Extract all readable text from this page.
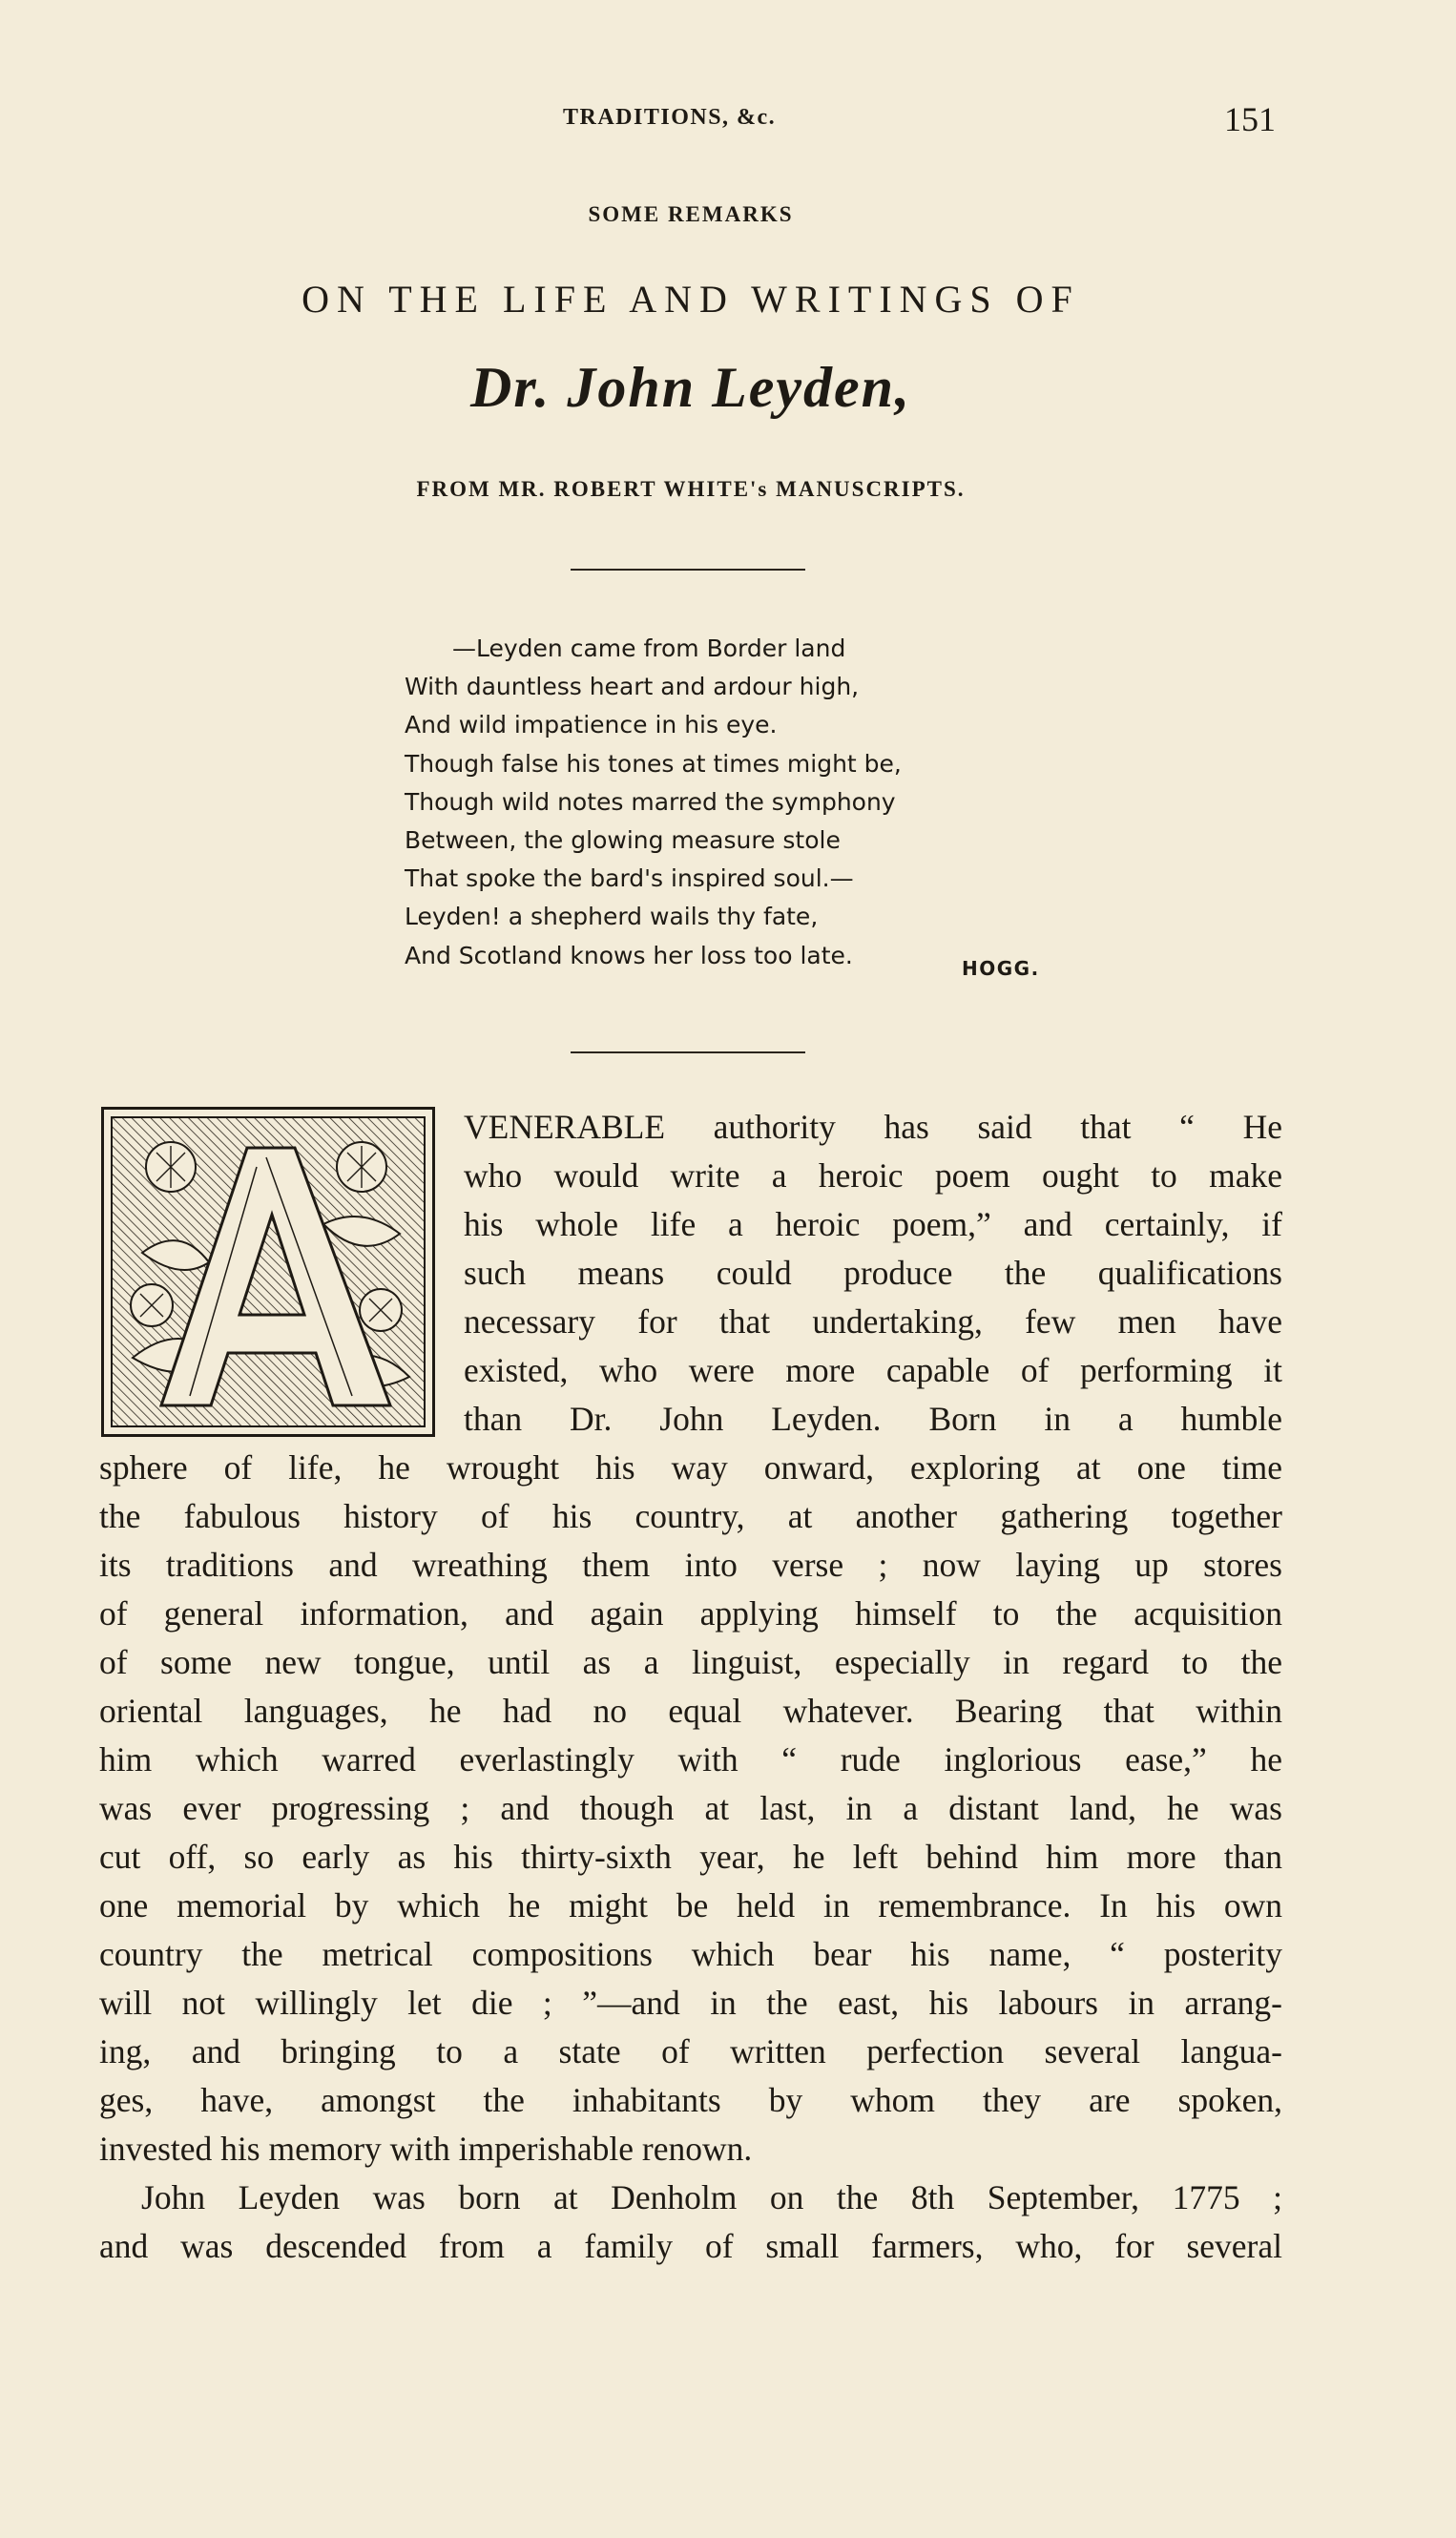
TRADITIONS, &c.	151
SOME REMARKS
ON THE LIFE AND WRITINGS OF
Dr. John Leyden,
FROM MR. ROBERT WHITE's MANUSCRIPTS.
—Leyden came from Border land
With dauntless heart and ardour high,
And wild impatience in his eye.
Though false his tones at times might be,
Though wild notes marred the symphony
Between, the glowing measure stole
That spoke the bard's inspired soul.—
Leyden! a shepherd wails thy fate,
And Scotland knows her loss too late.	HOGG.
VENERABLE authority has said that “ He
who would write a heroic poem ought to make
his whole life a heroic poem,” and certainly, if
such means could produce the qualifications
necessary for that undertaking, few men have
existed, who were more capable of performing it
than Dr. John Leyden. Born in a humble
sphere of life, he wrought his way onward, exploring at one time
the fabulous history of his country, at another gathering together
its traditions and wreathing them into verse ; now laying up stores
of general information, and again applying himself to the acquisition
of some new tongue, until as a linguist, especially in regard to the
oriental languages, he had no equal whatever. Bearing that within
him which warred everlastingly with “ rude inglorious ease,” he
was ever progressing ; and though at last, in a distant land, he was
cut off, so early as his thirty-sixth year, he left behind him more than
one memorial by which he might be held in remembrance. In his own
country the metrical compositions which bear his name, “ posterity
will not willingly let die ; ”—and in the east, his labours in arrang-
ing, and bringing to a state of written perfection several langua-
ges, have, amongst the inhabitants by whom they are spoken,
invested his memory with imperishable renown.
John Leyden was born at Denholm on the 8th September, 1775 ;
and was descended from a family of small farmers, who, for several
